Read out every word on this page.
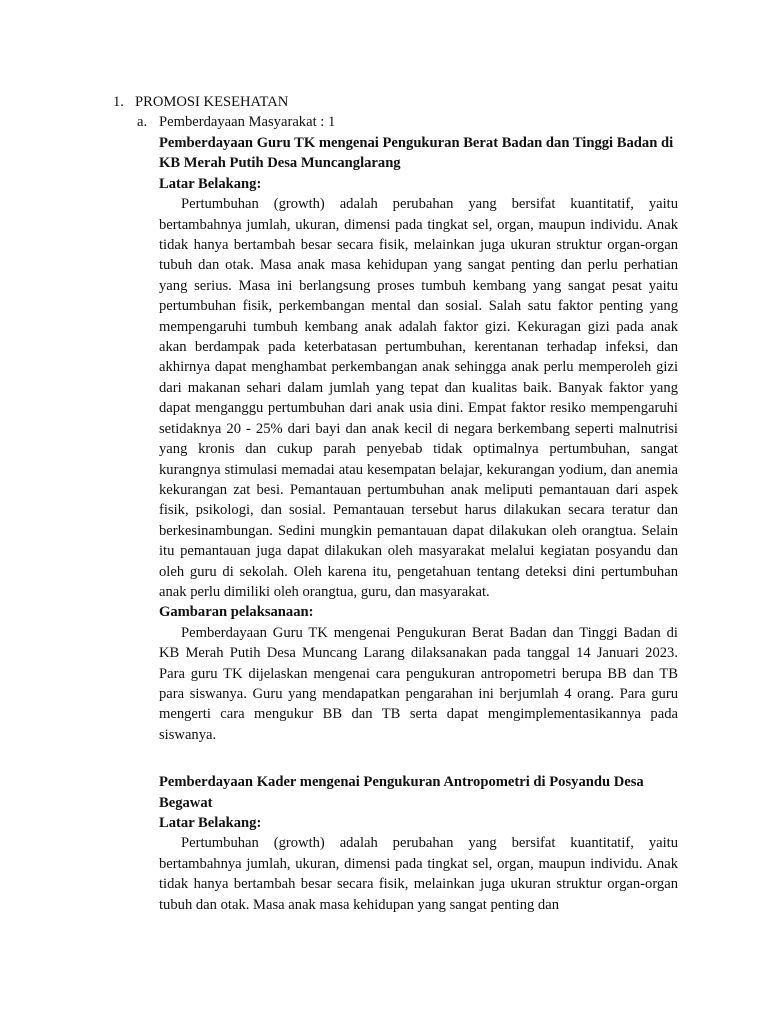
1. PROMOSI KESEHATAN
a. Pemberdayaan Masyarakat : 1

Pemberdayaan Guru TK mengenai Pengukuran Berat Badan dan Tinggi Badan di KB Merah Putih Desa Muncanglarang

Latar Belakang:

Pertumbuhan (growth) adalah perubahan yang bersifat kuantitatif, yaitu bertambahnya jumlah, ukuran, dimensi pada tingkat sel, organ, maupun individu. Anak tidak hanya bertambah besar secara fisik, melainkan juga ukuran struktur organ-organ tubuh dan otak. Masa anak masa kehidupan yang sangat penting dan perlu perhatian yang serius. Masa ini berlangsung proses tumbuh kembang yang sangat pesat yaitu pertumbuhan fisik, perkembangan mental dan sosial. Salah satu faktor penting yang mempengaruhi tumbuh kembang anak adalah faktor gizi. Kekuragan gizi pada anak akan berdampak pada keterbatasan pertumbuhan, kerentanan terhadap infeksi, dan akhirnya dapat menghambat perkembangan anak sehingga anak perlu memperoleh gizi dari makanan sehari dalam jumlah yang tepat dan kualitas baik. Banyak faktor yang dapat menganggu pertumbuhan dari anak usia dini. Empat faktor resiko mempengaruhi setidaknya 20 - 25% dari bayi dan anak kecil di negara berkembang seperti malnutrisi yang kronis dan cukup parah penyebab tidak optimalnya pertumbuhan, sangat kurangnya stimulasi memadai atau kesempatan belajar, kekurangan yodium, dan anemia kekurangan zat besi. Pemantauan pertumbuhan anak meliputi pemantauan dari aspek fisik, psikologi, dan sosial. Pemantauan tersebut harus dilakukan secara teratur dan berkesinambungan. Sedini mungkin pemantauan dapat dilakukan oleh orangtua. Selain itu pemantauan juga dapat dilakukan oleh masyarakat melalui kegiatan posyandu dan oleh guru di sekolah. Oleh karena itu, pengetahuan tentang deteksi dini pertumbuhan anak perlu dimiliki oleh orangtua, guru, dan masyarakat.

Gambaran pelaksanaan:

Pemberdayaan Guru TK mengenai Pengukuran Berat Badan dan Tinggi Badan di KB Merah Putih Desa Muncang Larang dilaksanakan pada tanggal 14 Januari 2023. Para guru TK dijelaskan mengenai cara pengukuran antropometri berupa BB dan TB para siswanya. Guru yang mendapatkan pengarahan ini berjumlah 4 orang. Para guru mengerti cara mengukur BB dan TB serta dapat mengimplementasikannya pada siswanya.

Pemberdayaan Kader mengenai Pengukuran Antropometri di Posyandu Desa Begawat

Latar Belakang:

Pertumbuhan (growth) adalah perubahan yang bersifat kuantitatif, yaitu bertambahnya jumlah, ukuran, dimensi pada tingkat sel, organ, maupun individu. Anak tidak hanya bertambah besar secara fisik, melainkan juga ukuran struktur organ-organ tubuh dan otak. Masa anak masa kehidupan yang sangat penting dan
